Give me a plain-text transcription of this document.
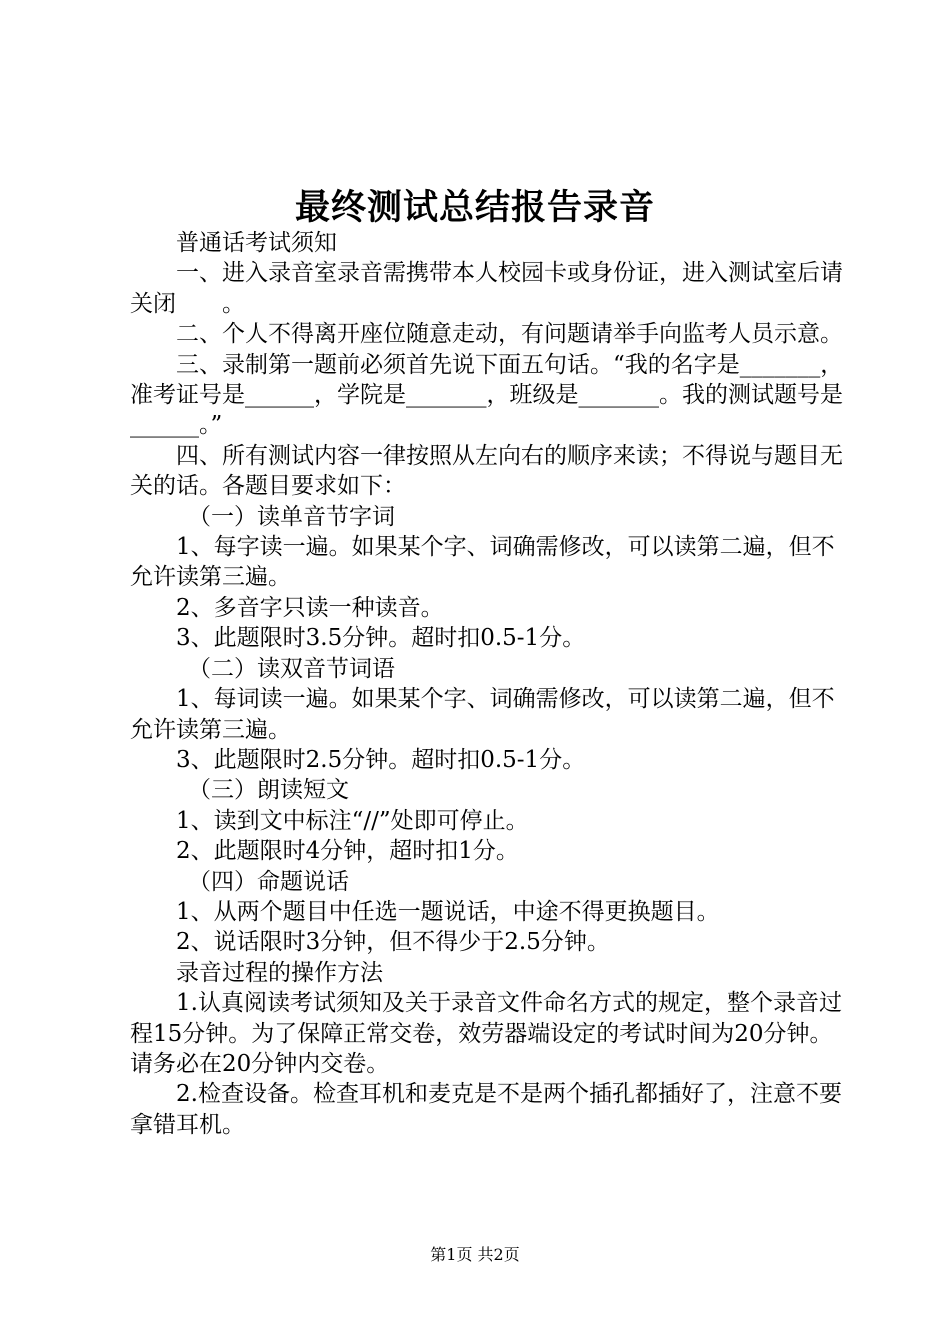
最终测试总结报告录音

普通话考试须知

一、进入录音室录音需携带本人校园卡或身份证，进入测试室后请关闭　　。

二、个人不得离开座位随意走动，有问题请举手向监考人员示意。

三、录制第一题前必须首先说下面五句话。“我的名字是_______，准考证号是______，学院是_______，班级是_______。我的测试题号是______。”

四、所有测试内容一律按照从左向右的顺序来读；不得说与题目无关的话。各题目要求如下：

（一）读单音节字词

1、每字读一遍。如果某个字、词确需修改，可以读第二遍，但不允许读第三遍。

2、多音字只读一种读音。

3、此题限时3.5分钟。超时扣0.5-1分。

（二）读双音节词语

1、每词读一遍。如果某个字、词确需修改，可以读第二遍，但不允许读第三遍。

3、此题限时2.5分钟。超时扣0.5-1分。

（三）朗读短文

1、读到文中标注“//”处即可停止。

2、此题限时4分钟，超时扣1分。

（四）命题说话

1、从两个题目中任选一题说话，中途不得更换题目。

2、说话限时3分钟，但不得少于2.5分钟。

录音过程的操作方法

1.认真阅读考试须知及关于录音文件命名方式的规定，整个录音过程15分钟。为了保障正常交卷，效劳器端设定的考试时间为20分钟。请务必在20分钟内交卷。

2.检查设备。检查耳机和麦克是不是两个插孔都插好了，注意不要拿错耳机。

第1页 共2页
